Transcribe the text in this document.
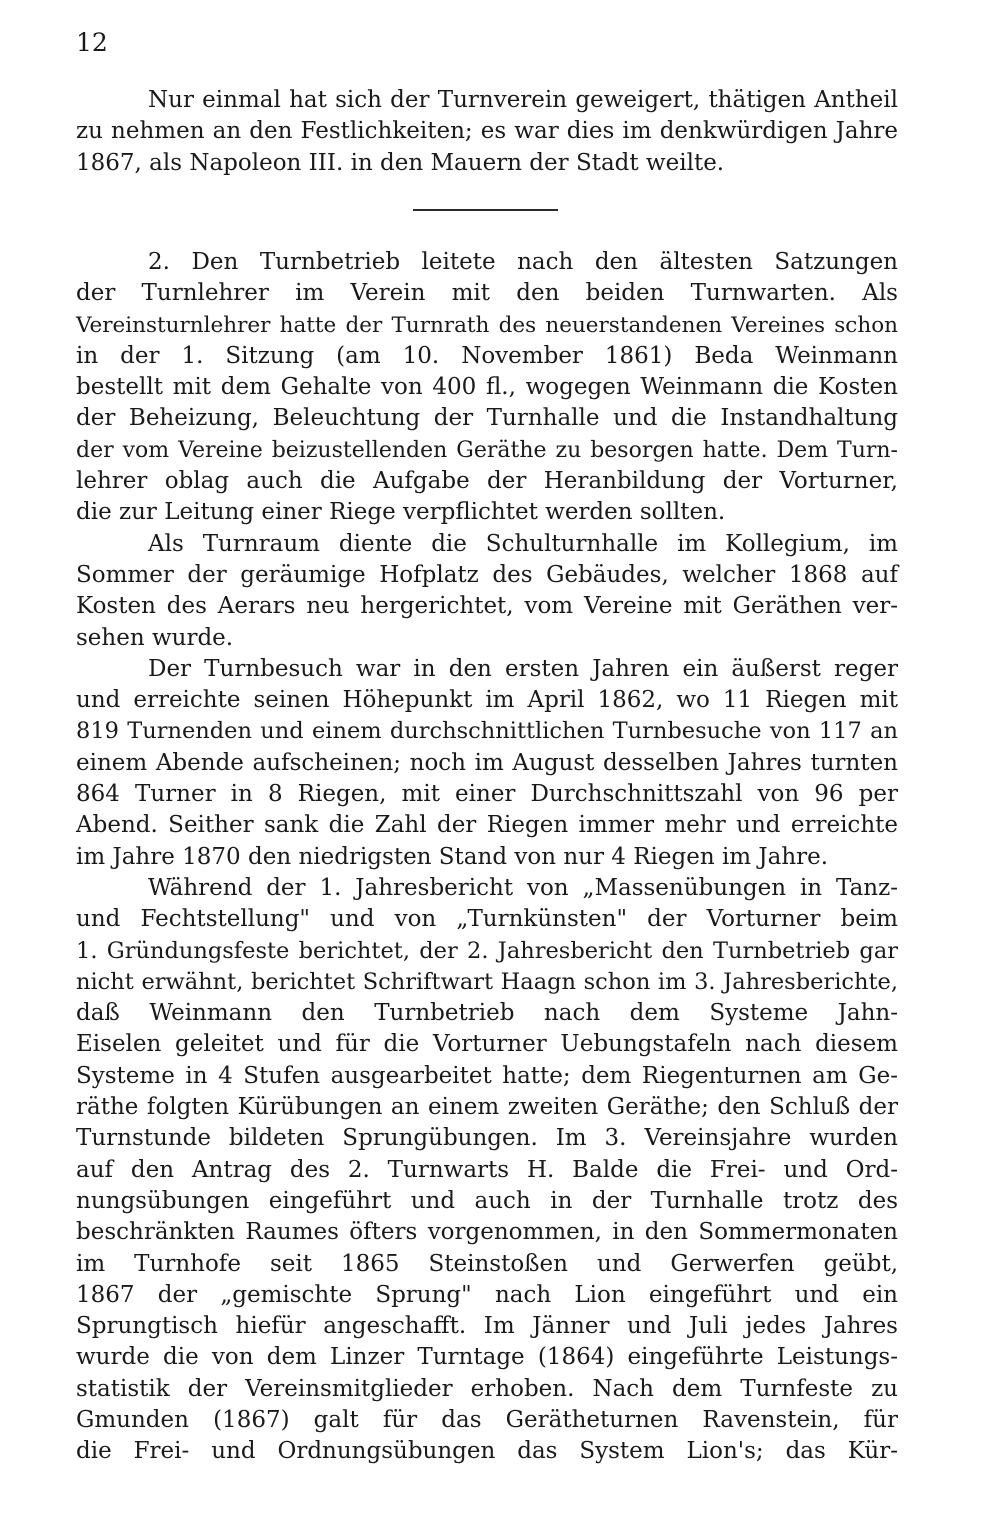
12
Nur einmal hat sich der Turnverein geweigert, thätigen Antheil
zu nehmen an den Festlichkeiten; es war dies im denkwürdigen Jahre
1867, als Napoleon III. in den Mauern der Stadt weilte.
2. Den Turnbetrieb leitete nach den ältesten Satzungen
der Turnlehrer im Verein mit den beiden Turnwarten. Als
Vereinsturnlehrer hatte der Turnrath des neuerstandenen Vereines schon
in der 1. Sitzung (am 10. November 1861) Beda Weinmann
bestellt mit dem Gehalte von 400 fl., wogegen Weinmann die Kosten
der Beheizung, Beleuchtung der Turnhalle und die Instandhaltung
der vom Vereine beizustellenden Geräthe zu besorgen hatte. Dem Turn-
lehrer oblag auch die Aufgabe der Heranbildung der Vorturner,
die zur Leitung einer Riege verpflichtet werden sollten.
Als Turnraum diente die Schulturnhalle im Kollegium, im
Sommer der geräumige Hofplatz des Gebäudes, welcher 1868 auf
Kosten des Aerars neu hergerichtet, vom Vereine mit Geräthen ver-
sehen wurde.
Der Turnbesuch war in den ersten Jahren ein äußerst reger
und erreichte seinen Höhepunkt im April 1862, wo 11 Riegen mit
819 Turnenden und einem durchschnittlichen Turnbesuche von 117 an
einem Abende aufscheinen; noch im August desselben Jahres turnten
864 Turner in 8 Riegen, mit einer Durchschnittszahl von 96 per
Abend. Seither sank die Zahl der Riegen immer mehr und erreichte
im Jahre 1870 den niedrigsten Stand von nur 4 Riegen im Jahre.
Während der 1. Jahresbericht von „Massenübungen in Tanz-
und Fechtstellung" und von „Turnkünsten" der Vorturner beim
1. Gründungsfeste berichtet, der 2. Jahresbericht den Turnbetrieb gar
nicht erwähnt, berichtet Schriftwart Haagn schon im 3. Jahresberichte,
daß Weinmann den Turnbetrieb nach dem Systeme Jahn-
Eiselen geleitet und für die Vorturner Uebungstafeln nach diesem
Systeme in 4 Stufen ausgearbeitet hatte; dem Riegenturnen am Ge-
räthe folgten Kürübungen an einem zweiten Geräthe; den Schluß der
Turnstunde bildeten Sprungübungen. Im 3. Vereinsjahre wurden
auf den Antrag des 2. Turnwarts H. Balde die Frei- und Ord-
nungsübungen eingeführt und auch in der Turnhalle trotz des
beschränkten Raumes öfters vorgenommen, in den Sommermonaten
im Turnhofe seit 1865 Steinstoßen und Gerwerfen geübt,
1867 der „gemischte Sprung" nach Lion eingeführt und ein
Sprungtisch hiefür angeschafft. Im Jänner und Juli jedes Jahres
wurde die von dem Linzer Turntage (1864) eingeführte Leistungs-
statistik der Vereinsmitglieder erhoben. Nach dem Turnfeste zu
Gmunden (1867) galt für das Gerätheturnen Ravenstein, für
die Frei- und Ordnungsübungen das System Lion's; das Kür-
